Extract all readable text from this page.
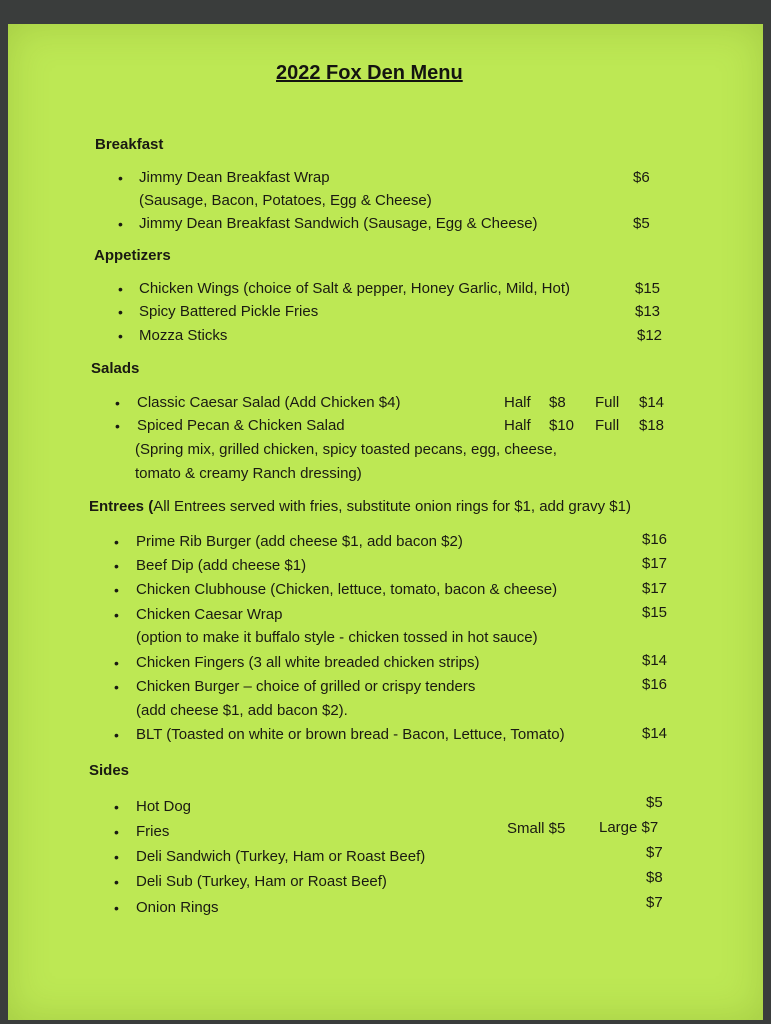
2022 Fox Den Menu
Breakfast
• Jimmy Dean Breakfast Wrap	$6
(Sausage, Bacon, Potatoes, Egg & Cheese)
• Jimmy Dean Breakfast Sandwich (Sausage, Egg & Cheese)	$5
Appetizers
• Chicken Wings (choice of Salt & pepper, Honey Garlic, Mild, Hot)	$15
• Spicy Battered Pickle Fries	$13
• Mozza Sticks	$12
Salads
• Classic Caesar Salad (Add Chicken $4)	Half $8 Full $14
• Spiced Pecan & Chicken Salad	Half $10 Full $18
(Spring mix, grilled chicken, spicy toasted pecans, egg, cheese,
tomato & creamy Ranch dressing)
Entrees (All Entrees served with fries, substitute onion rings for $1, add gravy $1)
• Prime Rib Burger (add cheese $1, add bacon $2)	$16
• Beef Dip (add cheese $1)	$17
• Chicken Clubhouse (Chicken, lettuce, tomato, bacon & cheese)	$17
• Chicken Caesar Wrap	$15
(option to make it buffalo style - chicken tossed in hot sauce)
• Chicken Fingers (3 all white breaded chicken strips)	$14
• Chicken Burger – choice of grilled or crispy tenders	$16
(add cheese $1, add bacon $2).
• BLT (Toasted on white or brown bread - Bacon, Lettuce, Tomato)	$14
Sides
• Hot Dog	$5
• Fries	Small $5 Large $7
• Deli Sandwich (Turkey, Ham or Roast Beef)	$7
• Deli Sub (Turkey, Ham or Roast Beef)	$8
• Onion Rings	$7
